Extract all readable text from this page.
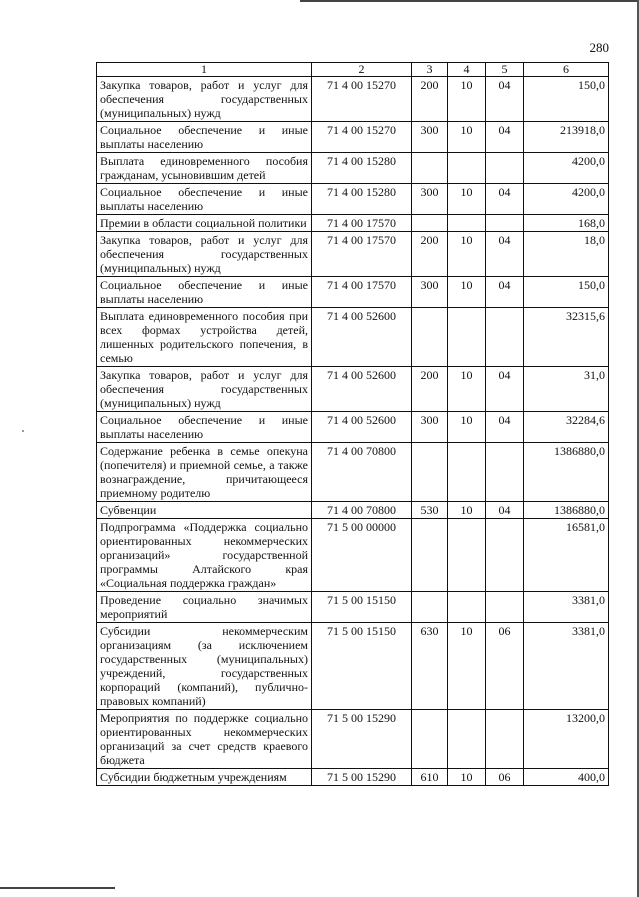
280
1	2	3	4	5	6
Закупка товаров, работ и услуг для обеспечения государственных (муниципальных) нужд	71 4 00 15270	200	10	04	150,0
Социальное обеспечение и иные выплаты населению	71 4 00 15270	300	10	04	213918,0
Выплата единовременного пособия гражданам, усыновившим детей	71 4 00 15280				4200,0
Социальное обеспечение и иные выплаты населению	71 4 00 15280	300	10	04	4200,0
Премии в области социальной политики	71 4 00 17570				168,0
Закупка товаров, работ и услуг для обеспечения государственных (муниципальных) нужд	71 4 00 17570	200	10	04	18,0
Социальное обеспечение и иные выплаты населению	71 4 00 17570	300	10	04	150,0
Выплата единовременного пособия при всех формах устройства детей, лишенных родительского попечения, в семью	71 4 00 52600				32315,6
Закупка товаров, работ и услуг для обеспечения государственных (муниципальных) нужд	71 4 00 52600	200	10	04	31,0
Социальное обеспечение и иные выплаты населению	71 4 00 52600	300	10	04	32284,6
Содержание ребенка в семье опекуна (попечителя) и приемной семье, а также вознаграждение, причитающееся приемному родителю	71 4 00 70800				1386880,0
Субвенции	71 4 00 70800	530	10	04	1386880,0
Подпрограмма «Поддержка социально ориентированных некоммерческих организаций» государственной программы Алтайского края «Социальная поддержка граждан»	71 5 00 00000				16581,0
Проведение социально значимых мероприятий	71 5 00 15150				3381,0
Субсидии некоммерческим организациям (за исключением государственных (муниципальных) учреждений, государственных корпораций (компаний), публично-правовых компаний)	71 5 00 15150	630	10	06	3381,0
Мероприятия по поддержке социально ориентированных некоммерческих организаций за счет средств краевого бюджета	71 5 00 15290				13200,0
Субсидии бюджетным учреждениям	71 5 00 15290	610	10	06	400,0
